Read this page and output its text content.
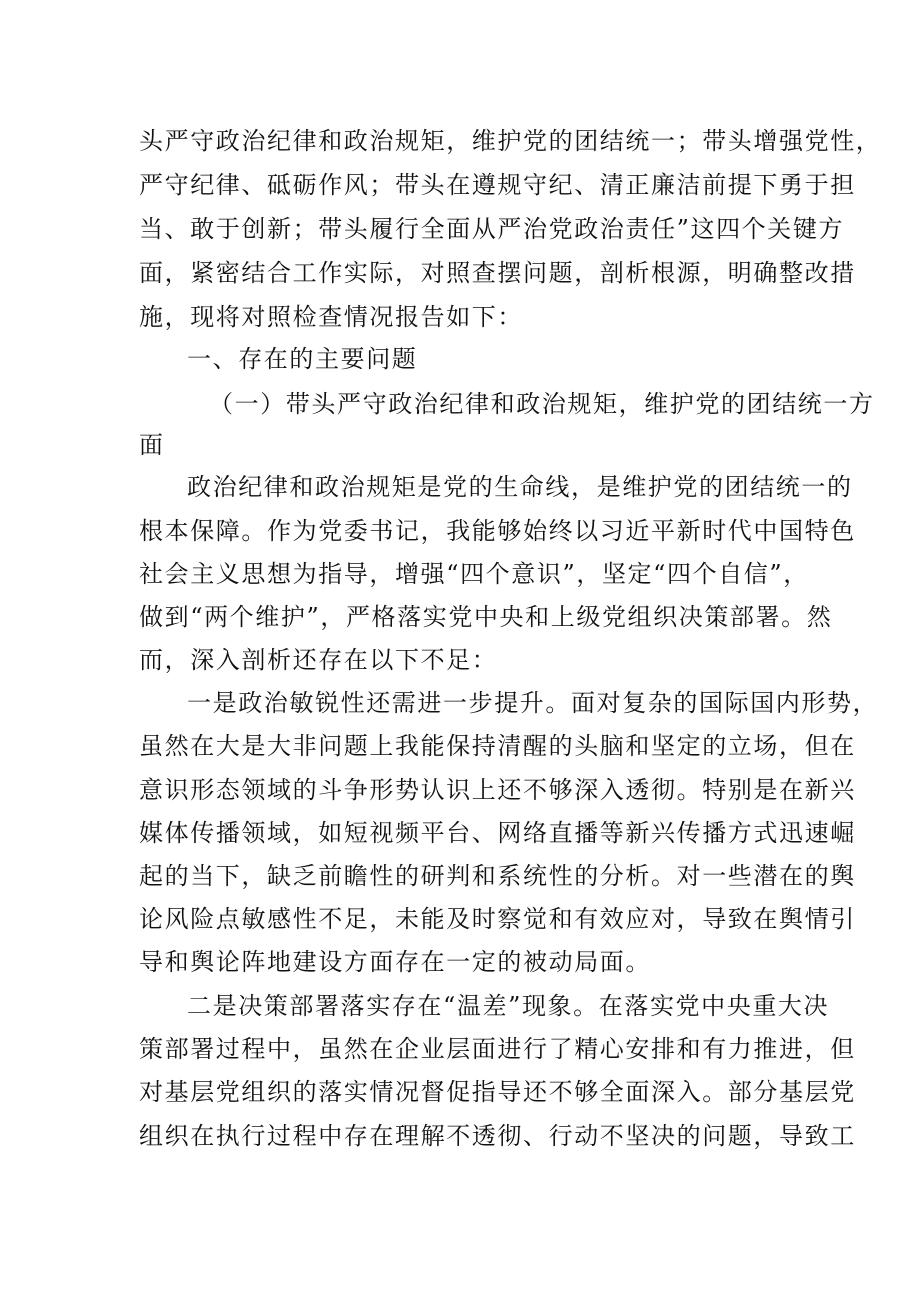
头严守政治纪律和政治规矩，维护党的团结统一；带头增强党性，
严守纪律、砥砺作风；带头在遵规守纪、清正廉洁前提下勇于担
当、敢于创新；带头履行全面从严治党政治责任”这四个关键方
面，紧密结合工作实际，对照查摆问题，剖析根源，明确整改措
施，现将对照检查情况报告如下：
一、存在的主要问题
（一）带头严守政治纪律和政治规矩，维护党的团结统一方
面
政治纪律和政治规矩是党的生命线，是维护党的团结统一的
根本保障。作为党委书记，我能够始终以习近平新时代中国特色
社会主义思想为指导，增强“四个意识”，坚定“四个自信”，
做到“两个维护”，严格落实党中央和上级党组织决策部署。然
而，深入剖析还存在以下不足：
一是政治敏锐性还需进一步提升。面对复杂的国际国内形势，
虽然在大是大非问题上我能保持清醒的头脑和坚定的立场，但在
意识形态领域的斗争形势认识上还不够深入透彻。特别是在新兴
媒体传播领域，如短视频平台、网络直播等新兴传播方式迅速崛
起的当下，缺乏前瞻性的研判和系统性的分析。对一些潜在的舆
论风险点敏感性不足，未能及时察觉和有效应对，导致在舆情引
导和舆论阵地建设方面存在一定的被动局面。
二是决策部署落实存在“温差”现象。在落实党中央重大决
策部署过程中，虽然在企业层面进行了精心安排和有力推进，但
对基层党组织的落实情况督促指导还不够全面深入。部分基层党
组织在执行过程中存在理解不透彻、行动不坚决的问题，导致工
